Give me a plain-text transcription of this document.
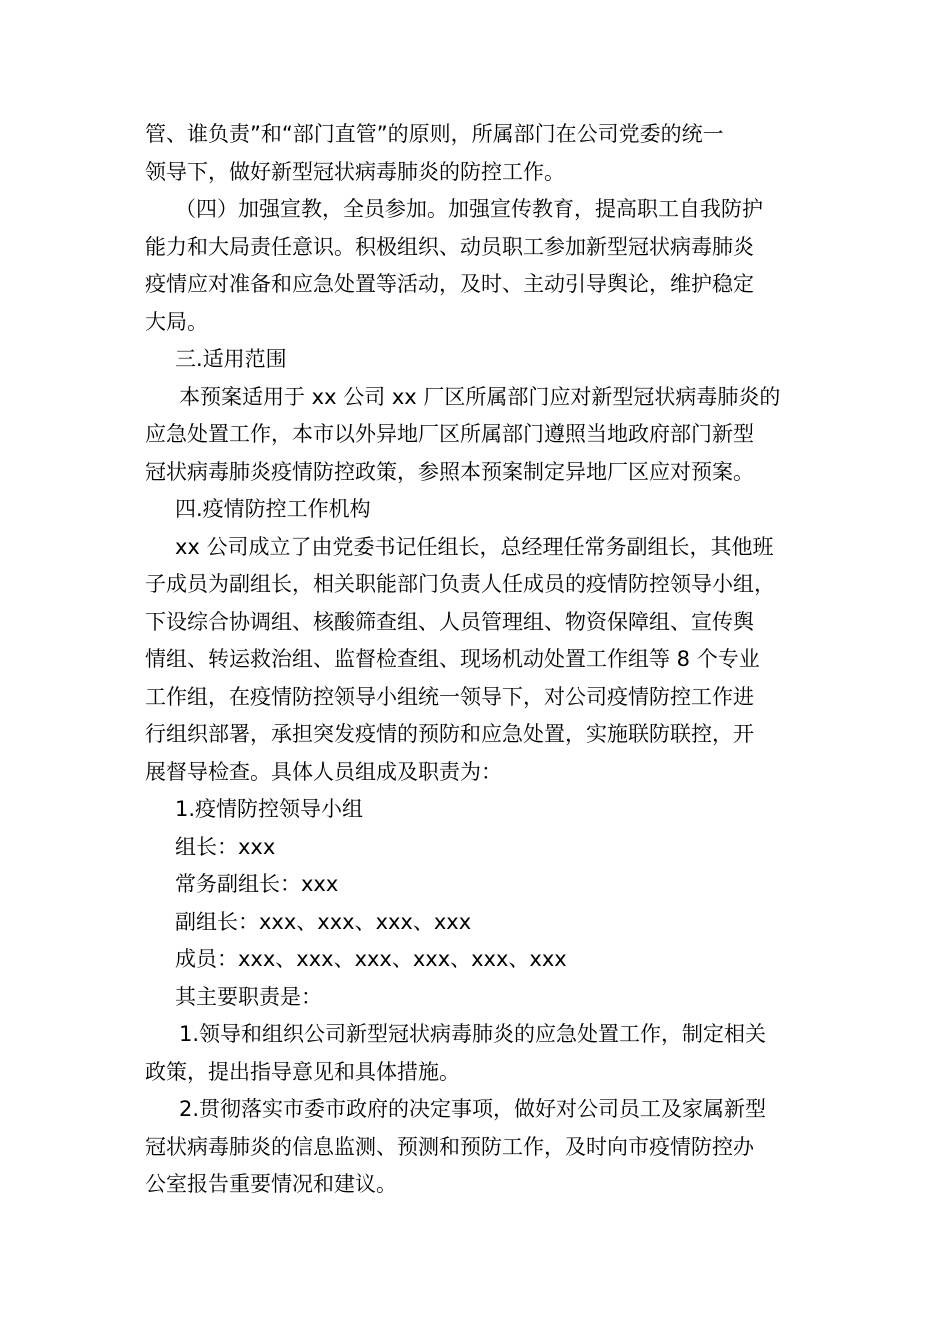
管、谁负责”和“部门直管”的原则，所属部门在公司党委的统一

领导下，做好新型冠状病毒肺炎的防控工作。

（四）加强宣教，全员参加。加强宣传教育，提高职工自我防护

能力和大局责任意识。积极组织、动员职工参加新型冠状病毒肺炎

疫情应对准备和应急处置等活动，及时、主动引导舆论，维护稳定

大局。

三.适用范围

本预案适用于 xx 公司 xx 厂区所属部门应对新型冠状病毒肺炎的

应急处置工作，本市以外异地厂区所属部门遵照当地政府部门新型

冠状病毒肺炎疫情防控政策，参照本预案制定异地厂区应对预案。

四.疫情防控工作机构

xx 公司成立了由党委书记任组长，总经理任常务副组长，其他班

子成员为副组长，相关职能部门负责人任成员的疫情防控领导小组，

下设综合协调组、核酸筛查组、人员管理组、物资保障组、宣传舆

情组、转运救治组、监督检查组、现场机动处置工作组等 8 个专业

工作组，在疫情防控领导小组统一领导下，对公司疫情防控工作进

行组织部署，承担突发疫情的预防和应急处置，实施联防联控，开

展督导检查。具体人员组成及职责为：

1.疫情防控领导小组

组长：xxx

常务副组长：xxx

副组长：xxx、xxx、xxx、xxx

成员：xxx、xxx、xxx、xxx、xxx、xxx

其主要职责是：

1.领导和组织公司新型冠状病毒肺炎的应急处置工作，制定相关

政策，提出指导意见和具体措施。

2.贯彻落实市委市政府的决定事项，做好对公司员工及家属新型

冠状病毒肺炎的信息监测、预测和预防工作，及时向市疫情防控办

公室报告重要情况和建议。
